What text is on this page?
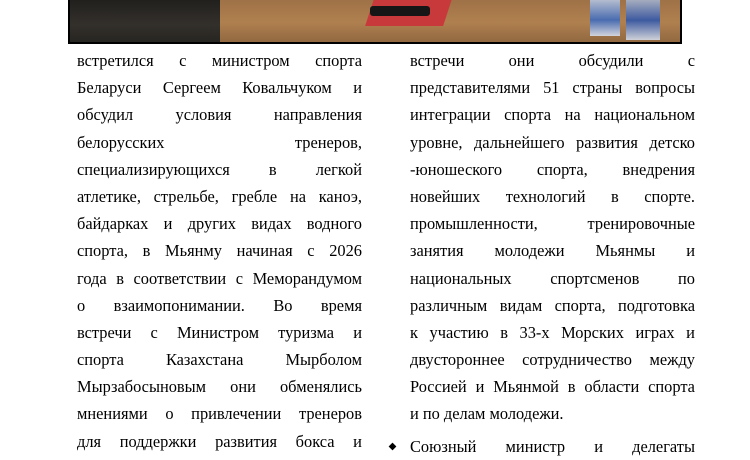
встретился с министром спорта
Беларуси Сергеем Ковальчуком и
обсудил	условия	направления
белорусских	тренеров,
специализирующихся в легкой
атлетике, стрельбе, гребле на каноэ,
байдарках и других видах водного
спорта, в Мьянму начиная с 2026
года в соответствии с Меморандумом
о взаимопонимании. Во время
встречи с Министром туризма и
спорта	Казахстана	Мырболом
Мырзабосыновым они обменялись
мнениями о привлечении тренеров
для поддержки развития бокса и
встречи	они	обсудили	с
представителями 51 страны вопросы
интеграции спорта на национальном
уровне, дальнейшего развития детско
-юношеского спорта, внедрения
новейших технологий в спорте.
промышленности,	тренировочные
занятия молодежи Мьянмы и
национальных спортсменов по
различным видам спорта, подготовка
к участию в 33-х Морских играх и
двустороннее сотрудничество между
Россией и Мьянмой в области спорта
и по делам молодежи.
Союзный министр и делегаты
